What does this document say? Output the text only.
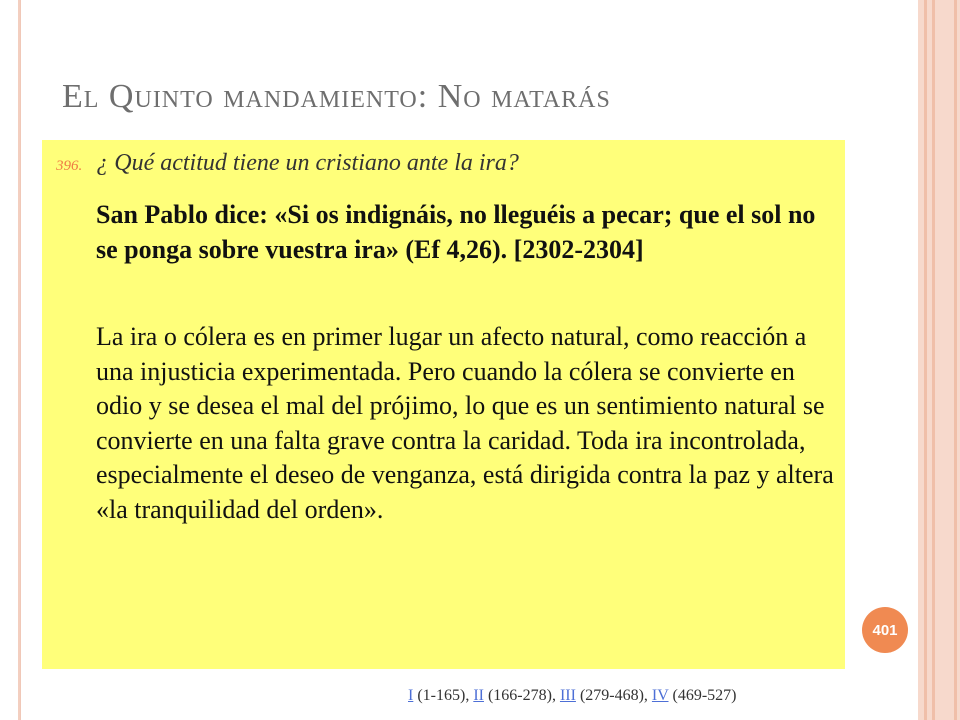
El Quinto mandamiento: No matarás
396. ¿ Qué actitud tiene un cristiano ante la ira?
San Pablo dice: «Si os indignáis, no lleguéis a pecar; que el sol no se ponga sobre vuestra ira» (Ef 4,26). [2302-2304]
La ira o cólera es en primer lugar un afecto natural, como reacción a una injusticia experimentada. Pero cuando la cólera se convierte en odio y se desea el mal del prójimo, lo que es un sentimiento natural se convierte en una falta grave contra la caridad. Toda ira incontrolada, especialmente el deseo de venganza, está dirigida contra la paz y altera «la tranquilidad del orden».
401
I (1-165), II (166-278), III (279-468), IV (469-527)
